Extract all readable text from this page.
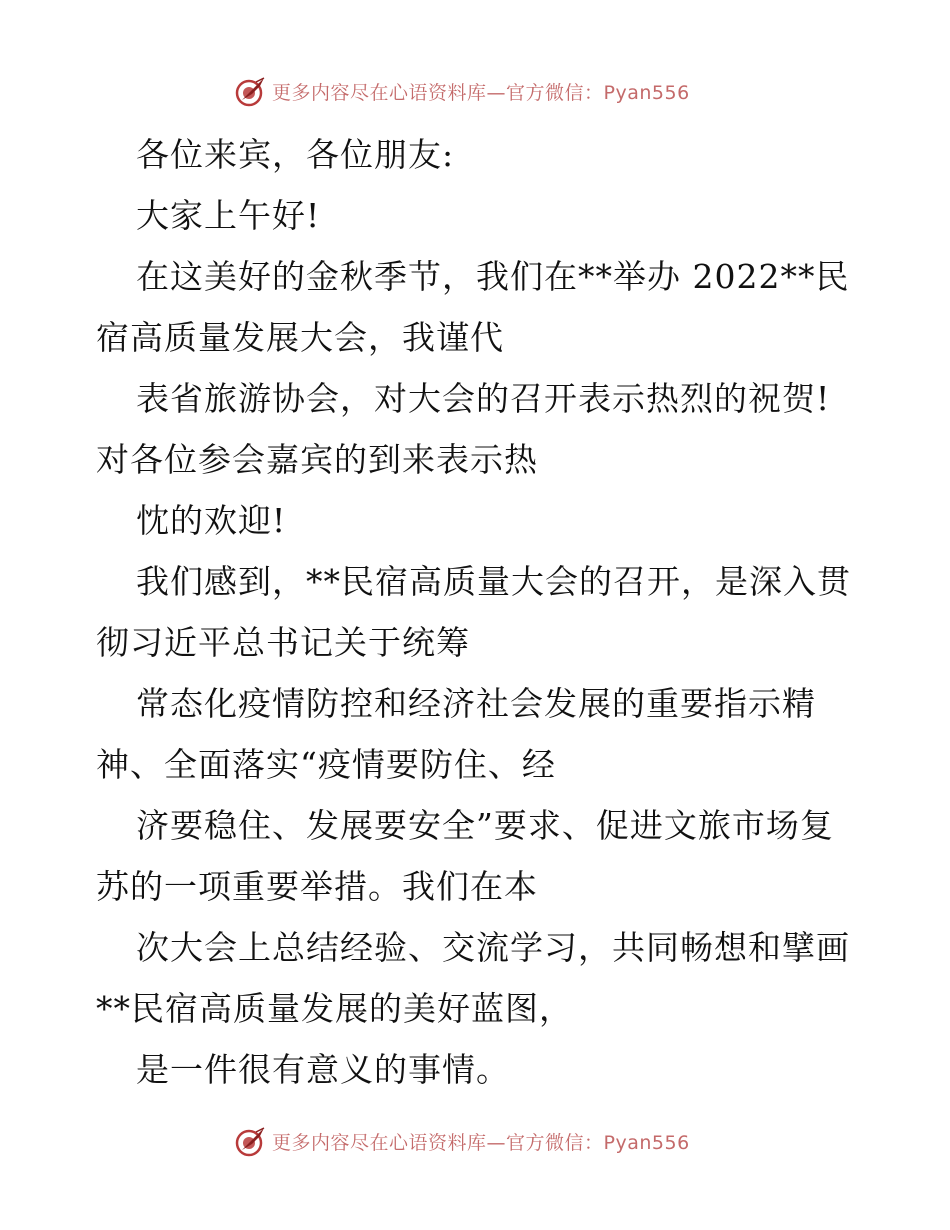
更多内容尽在心语资料库—官方微信：Pyan556
各位来宾，各位朋友:
大家上午好!
在这美好的金秋季节，我们在**举办 2022**民
宿高质量发展大会，我谨代
表省旅游协会，对大会的召开表示热烈的祝贺!
对各位参会嘉宾的到来表示热
忱的欢迎!
我们感到，**民宿高质量大会的召开，是深入贯
彻习近平总书记关于统筹
常态化疫情防控和经济社会发展的重要指示精
神、全面落实“疫情要防住、经
济要稳住、发展要安全”要求、促进文旅市场复
苏的一项重要举措。我们在本
次大会上总结经验、交流学习，共同畅想和擘画
**民宿高质量发展的美好蓝图，
是一件很有意义的事情。
更多内容尽在心语资料库—官方微信：Pyan556
